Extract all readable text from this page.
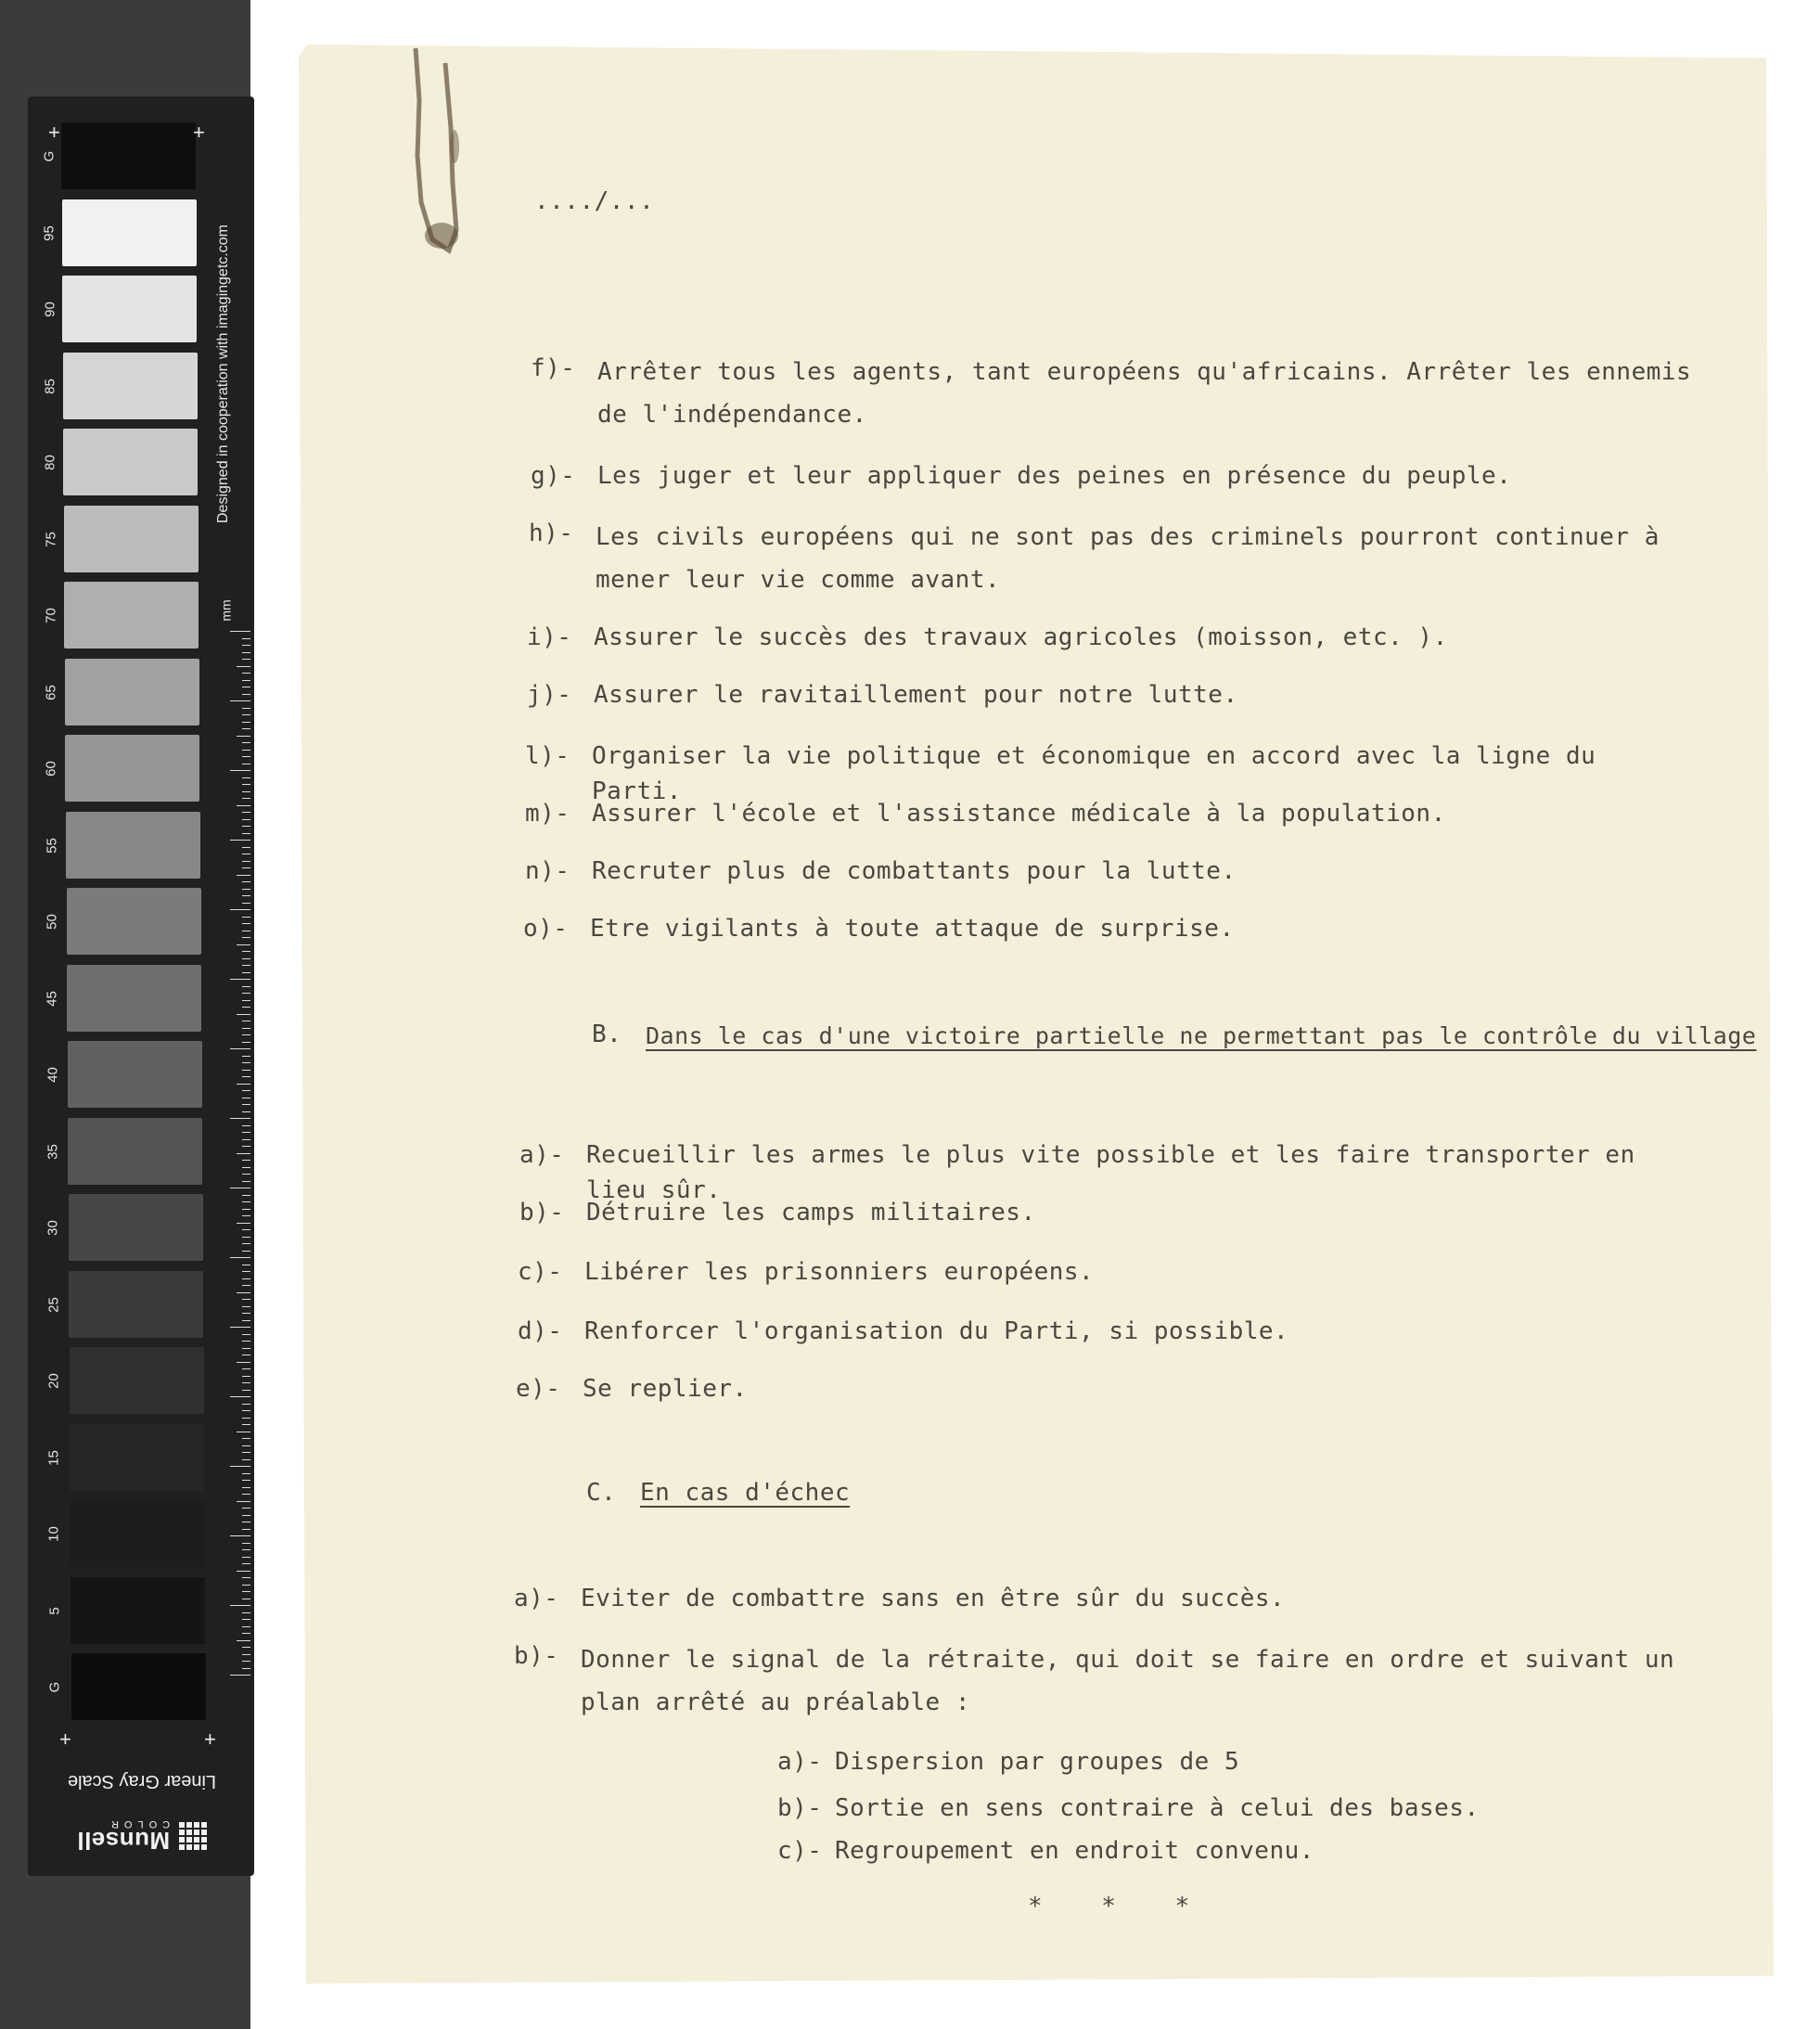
G
95
90
85
80
75
70
65
60
55
50
45
40
35
30
25
20
15
10
5
G
+	+
+	+
mm
Designed in cooperation with imagingetc.com
Linear Gray Scale
Munsell
COLOR
..../...
f)- Arrêter tous les agents, tant européens qu'africains. Arrêter les ennemis de l'indépendance.
g)- Les juger et leur appliquer des peines en présence du peuple.
h)- Les civils européens qui ne sont pas des criminels pourront continuer à mener leur vie comme avant.
i)- Assurer le succès des travaux agricoles (moisson, etc. ).
j)- Assurer le ravitaillement pour notre lutte.
l)- Organiser la vie politique et économique en accord avec la ligne du Parti.
m)- Assurer l'école et l'assistance médicale à la population.
n)- Recruter plus de combattants pour la lutte.
o)- Etre vigilants à toute attaque de surprise.
B. Dans le cas d'une victoire partielle ne permettant pas le contrôle du village
a)- Recueillir les armes le plus vite possible et les faire transporter en lieu sûr.
b)- Détruire les camps militaires.
c)- Libérer les prisonniers européens.
d)- Renforcer l'organisation du Parti, si possible.
e)- Se replier.
C. En cas d'échec
a)- Eviter de combattre sans en être sûr du succès.
b)- Donner le signal de la rétraite, qui doit se faire en ordre et suivant un plan arrêté au préalable :
a)- Dispersion par groupes de 5
b)- Sortie en sens contraire à celui des bases.
c)- Regroupement en endroit convenu.
* * *
